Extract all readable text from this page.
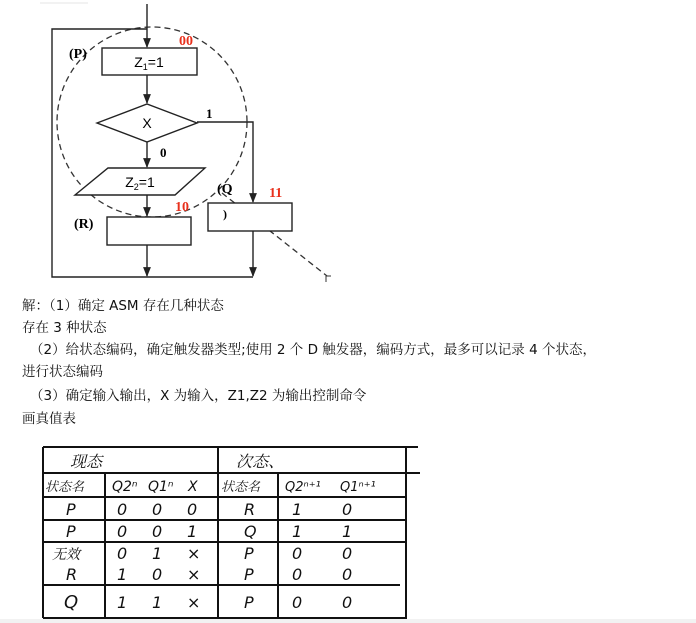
$Z_1=1$
(P)
00
X
1
0
$Z_2=1$
(R)
10
(Q
)
11
解：（1）确定 ASM 存在几种状态
存在 3 种状态
（2）给状态编码，确定触发器类型;使用 2 个 D 触发器，编码方式，最多可以记录 4 个状态，
进行状态编码
（3）确定输入输出，X 为输入，Z1,Z2 为输出控制命令
画真值表
现态	次态、
状态名 Q2ⁿ Q1ⁿ X 状态名 Q2ⁿ⁺¹ Q1ⁿ⁺¹
P	0 0 0	R 1 0
P	0 0 1	Q 1 1
无效 0 1 ×	P 0 0
R 1 0 ×	P 0 0
Q 1 1 ×	P 0 0
